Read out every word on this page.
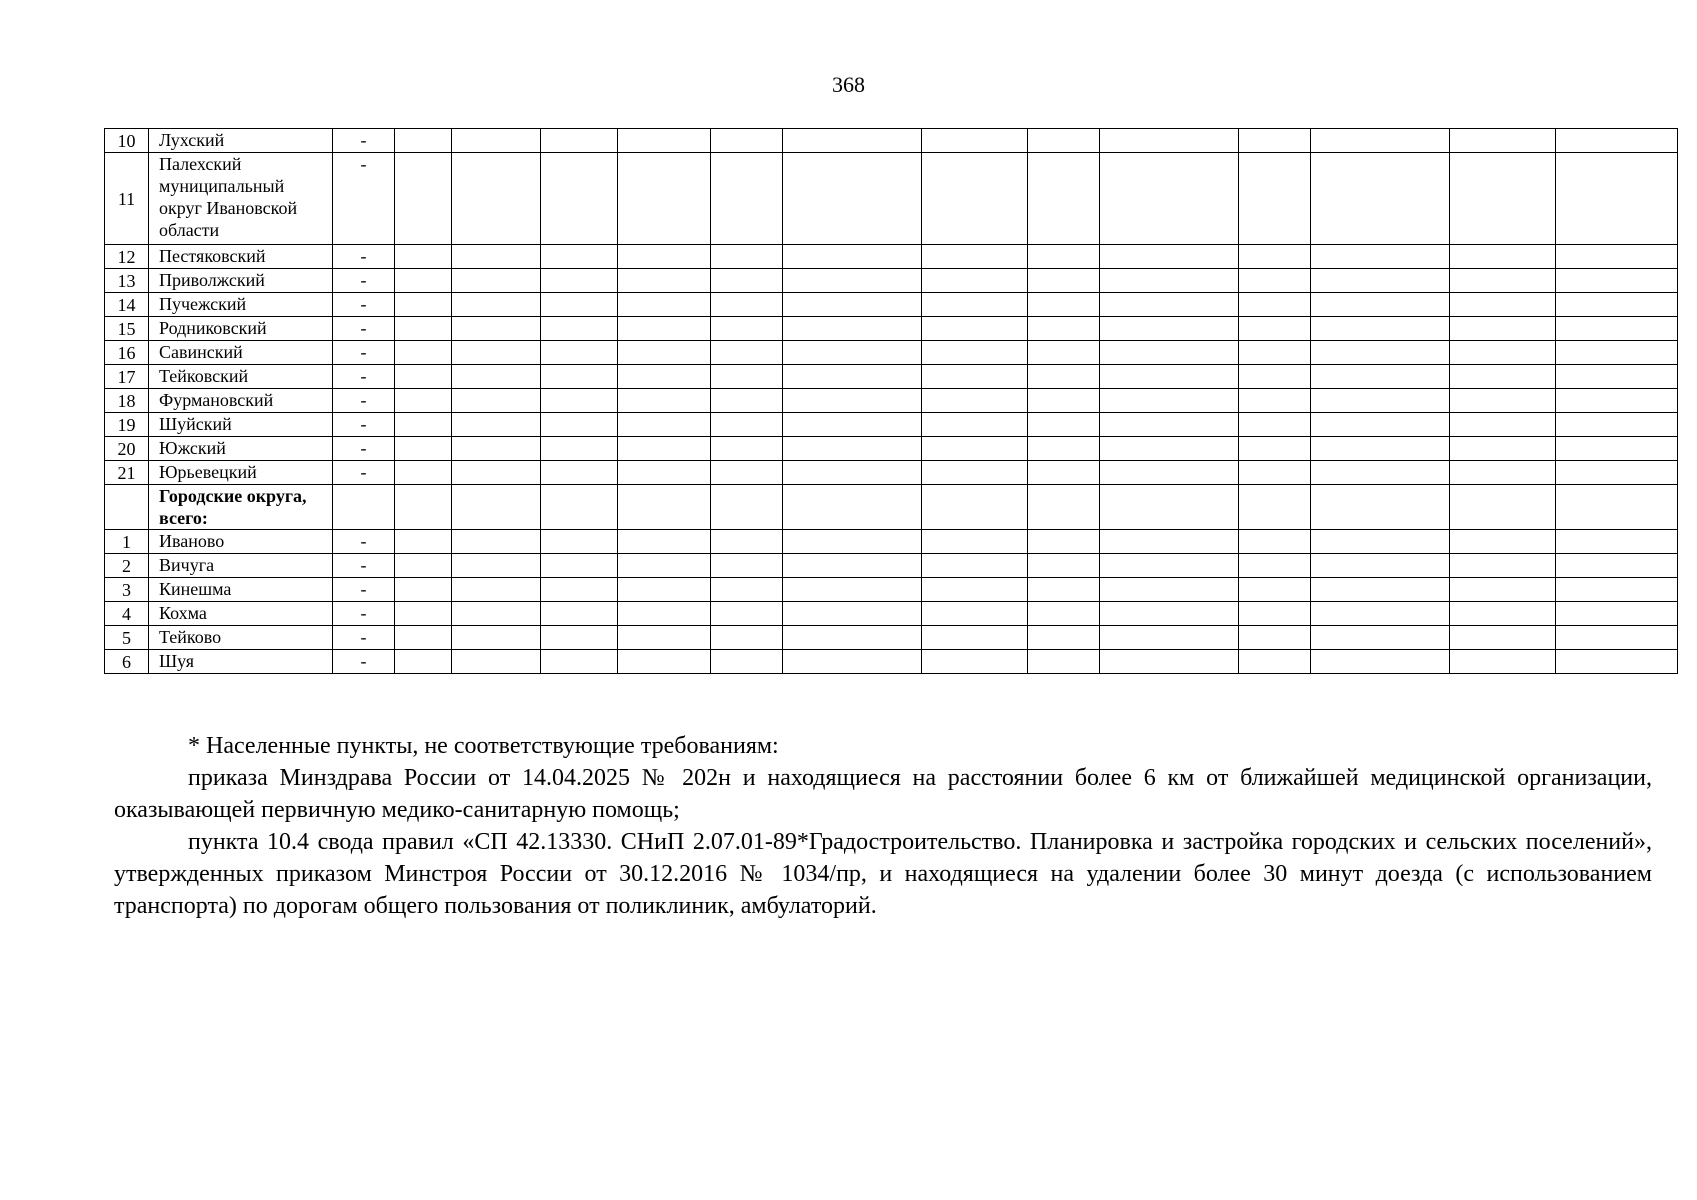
368
10	Лухский	-													
11	Палехский муниципальный округ Ивановской области	-													
12	Пестяковский	-													
13	Приволжский	-													
14	Пучежский	-													
15	Родниковский	-													
16	Савинский	-													
17	Тейковский	-													
18	Фурмановский	-													
19	Шуйский	-													
20	Южский	-													
21	Юрьевецкий	-													
	Городские округа, всего:														
1	Иваново	-													
2	Вичуга	-													
3	Кинешма	-													
4	Кохма	-													
5	Тейково	-													
6	Шуя	-													
* Населенные пункты, не соответствующие требованиям:
приказа Минздрава России от 14.04.2025 № 202н и находящиеся на расстоянии более 6 км от ближайшей медицинской организации, оказывающей первичную медико-санитарную помощь;
пункта 10.4 свода правил «СП 42.13330. СНиП 2.07.01-89*Градостроительство. Планировка и застройка городских и сельских поселений», утвержденных приказом Минстроя России от 30.12.2016 № 1034/пр, и находящиеся на удалении более 30 минут доезда (с использованием транспорта) по дорогам общего пользования от поликлиник, амбулаторий.
